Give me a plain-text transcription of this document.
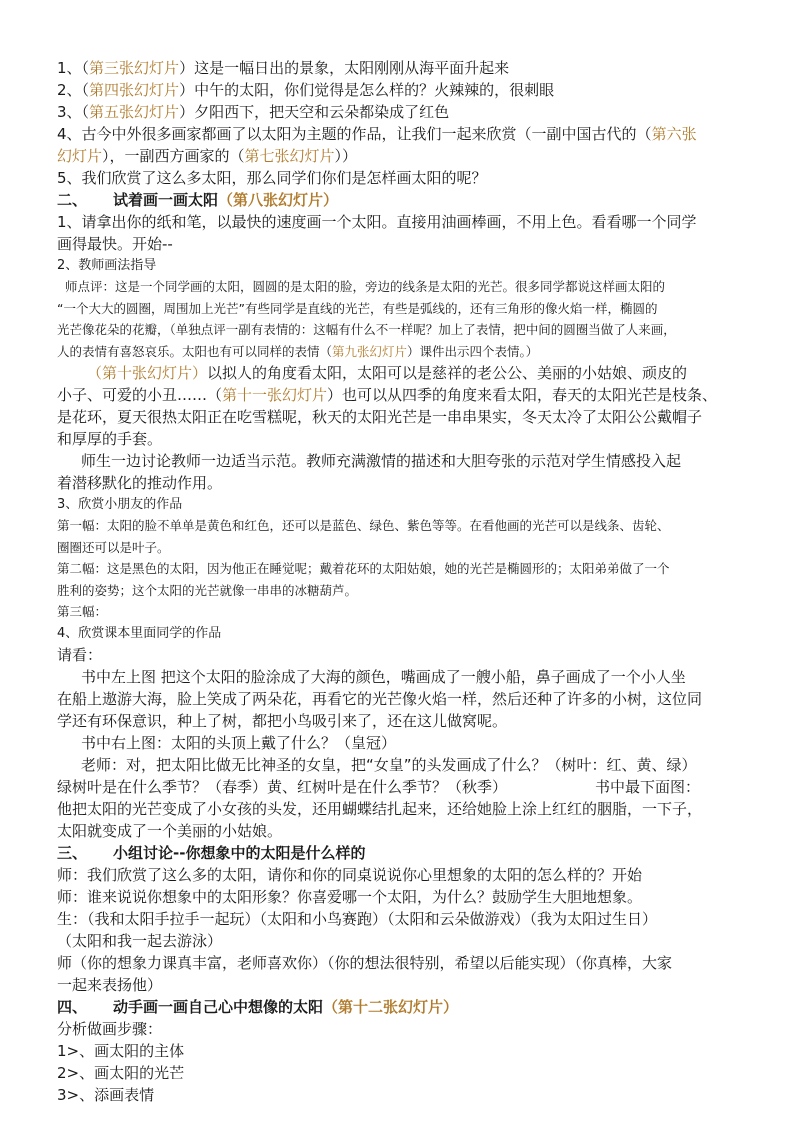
1、（第三张幻灯片）这是一幅日出的景象，太阳刚刚从海平面升起来

2、（第四张幻灯片）中午的太阳，你们觉得是怎么样的？火辣辣的，很刺眼

3、（第五张幻灯片）夕阳西下，把天空和云朵都染成了红色

4、古今中外很多画家都画了以太阳为主题的作品，让我们一起来欣赏（一副中国古代的（第六张

幻灯片），一副西方画家的（第七张幻灯片））

5、我们欣赏了这么多太阳，那么同学们你们是怎样画太阳的呢？

二、 试着画一画太阳（第八张幻灯片）

1、请拿出你的纸和笔，以最快的速度画一个太阳。直接用油画棒画，不用上色。看看哪一个同学

画得最快。开始--

2、教师画法指导

师点评：这是一个同学画的太阳，圆圆的是太阳的脸，旁边的线条是太阳的光芒。很多同学都说这样画太阳的

“一个大大的圆圈，周围加上光芒”有些同学是直线的光芒，有些是弧线的，还有三角形的像火焰一样，椭圆的

光芒像花朵的花瓣，（单独点评一副有表情的：这幅有什么不一样呢？加上了表情，把中间的圆圈当做了人来画，

人的表情有喜怒哀乐。太阳也有可以同样的表情（第九张幻灯片）课件出示四个表情。）

（第十张幻灯片）以拟人的角度看太阳，太阳可以是慈祥的老公公、美丽的小姑娘、顽皮的

小子、可爱的小丑……（第十一张幻灯片）也可以从四季的角度来看太阳，春天的太阳光芒是枝条、

是花环，夏天很热太阳正在吃雪糕呢，秋天的太阳光芒是一串串果实，冬天太冷了太阳公公戴帽子

和厚厚的手套。

师生一边讨论教师一边适当示范。教师充满激情的描述和大胆夸张的示范对学生情感投入起

着潜移默化的推动作用。

3、欣赏小朋友的作品

第一幅：太阳的脸不单单是黄色和红色，还可以是蓝色、绿色、紫色等等。在看他画的光芒可以是线条、齿轮、

圈圈还可以是叶子。

第二幅：这是黑色的太阳，因为他正在睡觉呢；戴着花环的太阳姑娘，她的光芒是椭圆形的；太阳弟弟做了一个

胜利的姿势；这个太阳的光芒就像一串串的冰糖葫芦。

第三幅：

4、欣赏课本里面同学的作品

请看：

书中左上图 把这个太阳的脸涂成了大海的颜色，嘴画成了一艘小船，鼻子画成了一个小人坐

在船上遨游大海，脸上笑成了两朵花，再看它的光芒像火焰一样，然后还种了许多的小树，这位同

学还有环保意识，种上了树，都把小鸟吸引来了，还在这儿做窝呢。

书中右上图：太阳的头顶上戴了什么？（皇冠）

老师：对，把太阳比做无比神圣的女皇，把“女皇”的头发画成了什么？（树叶：红、黄、绿）

绿树叶是在什么季节？（春季）黄、红树叶是在什么季节？（秋季）	书中最下面图：

他把太阳的光芒变成了小女孩的头发，还用蝴蝶结扎起来，还给她脸上涂上红红的胭脂，一下子，

太阳就变成了一个美丽的小姑娘。

三、 小组讨论--你想象中的太阳是什么样的

师：我们欣赏了这么多的太阳，请你和你的同桌说说你心里想象的太阳的怎么样的？开始

师：谁来说说你想象中的太阳形象？你喜爱哪一个太阳，为什么？鼓励学生大胆地想象。

生：（我和太阳手拉手一起玩）（太阳和小鸟赛跑）（太阳和云朵做游戏）（我为太阳过生日）

（太阳和我一起去游泳）

师（你的想象力课真丰富，老师喜欢你）（你的想法很特别，希望以后能实现）（你真棒，大家

一起来表扬他）

四、 动手画一画自己心中想像的太阳（第十二张幻灯片）

分析做画步骤：

1>、画太阳的主体

2>、画太阳的光芒

3>、添画表情
